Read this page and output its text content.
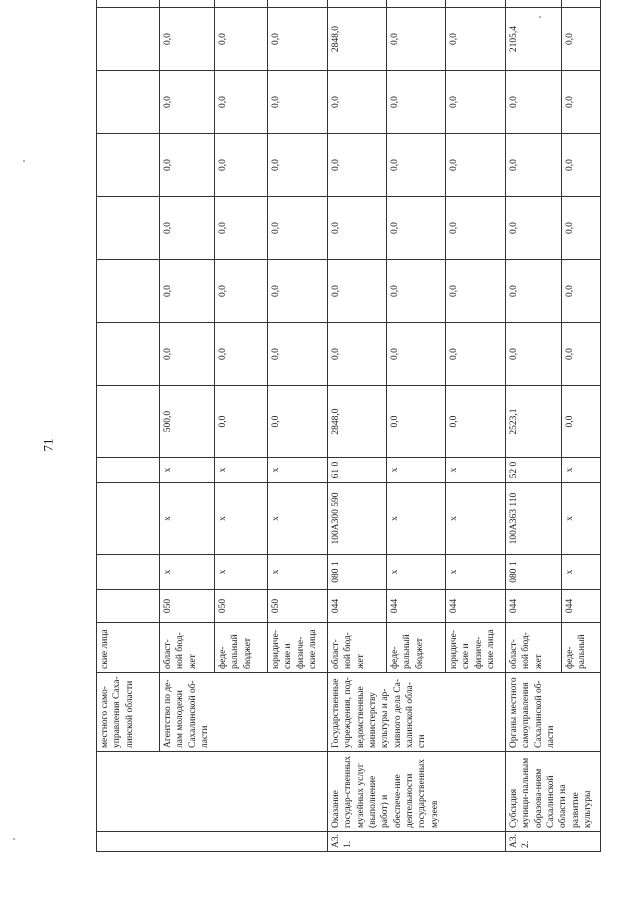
71
		местного само-управления Саха-линской области	ские лица												
		Агентство по де-лам молодежи Сахалинской об-ласти	област-ной бюд-жет	050	x	x	x	500,0	0,0	0,0	0,0	0,0	0,0	0,0	
			феде-ральный бюджет	050	x	x	x	0,0	0,0	0,0	0,0	0,0	0,0	0,0	
			юридиче-ские и физиче-ские лица	050	x	x	x	0,0	0,0	0,0	0,0	0,0	0,0	0,0	
А3. 1.	Оказание государ-ственных музейных услуг (выполнение работ) и обеспече-ние деятельности государственных музеев	Государственные учреждения, под-ведомственные министерству культуры и ар-хивного дела Са-халинской обла-сти	област-ной бюд-жет	044	080 1	100А300 590	61 0	2848,0	0,0	0,0	0,0	0,0	0,0	2848,0	
			феде-ральный бюджет	044	x	x	x	0,0	0,0	0,0	0,0	0,0	0,0	0,0	
			юридиче-ские и физиче-ские лица	044	x	x	x	0,0	0,0	0,0	0,0	0,0	0,0	0,0	
А3. 2.	Субсидия муници-пальным образова-ниям Сахалинской области на развитие культуры	Органы местного самоуправления Сахалинской об-ласти	област-ной бюд-жет	044	080 1	100А363 110	52 0	2523,1	0,0	0,0	0,0	0,0	0,0	2105,4	
			феде-ральный	044	x	x	x	0,0	0,0	0,0	0,0	0,0	0,0	0,0	
